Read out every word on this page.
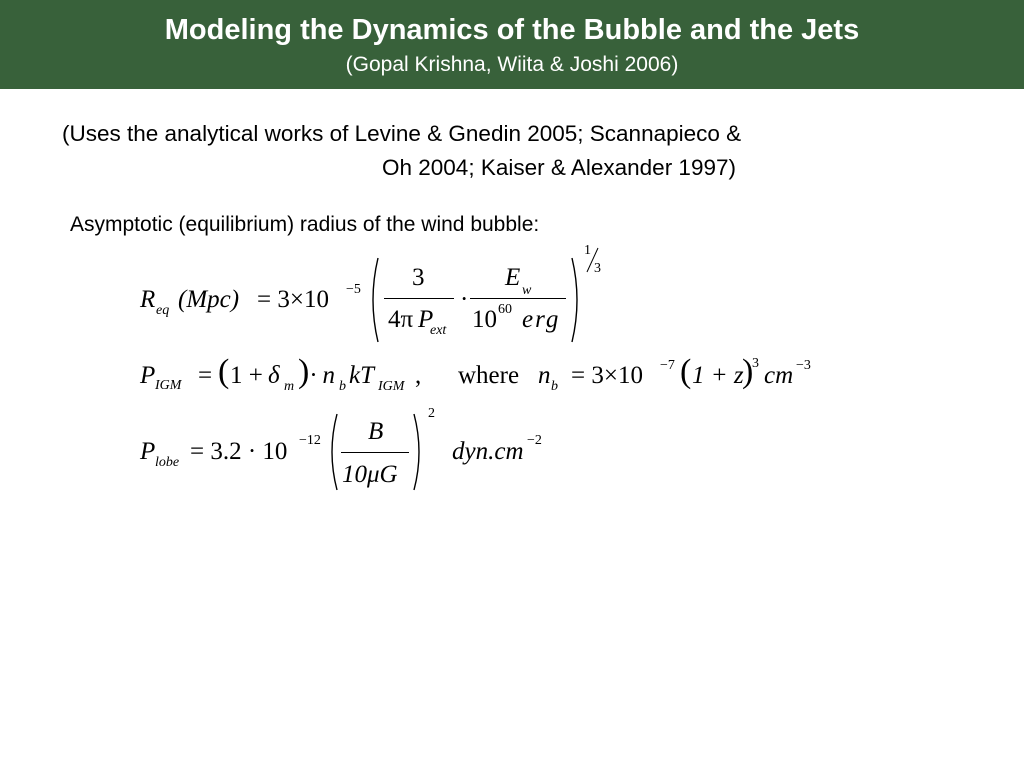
Modeling the Dynamics of the Bubble and the Jets
(Gopal Krishna, Wiita & Joshi 2006)
(Uses the analytical works of Levine & Gnedin 2005; Scannapieco &
Oh 2004; Kaiser & Alexander 1997)
Asymptotic (equilibrium) radius of the wind bubble:
R eq (Mpc) = 3×10 −5 3
4π P
ext
·
E w
10 60 erg
1
3
P IGM = ( 1 + δ m ) · n b kT IGM , where n b = 3×10 −7 ( 1 + z
)
3 cm −3
P lobe = 3.2 · 10 −12 B
10μG
2
dyn.cm −2
